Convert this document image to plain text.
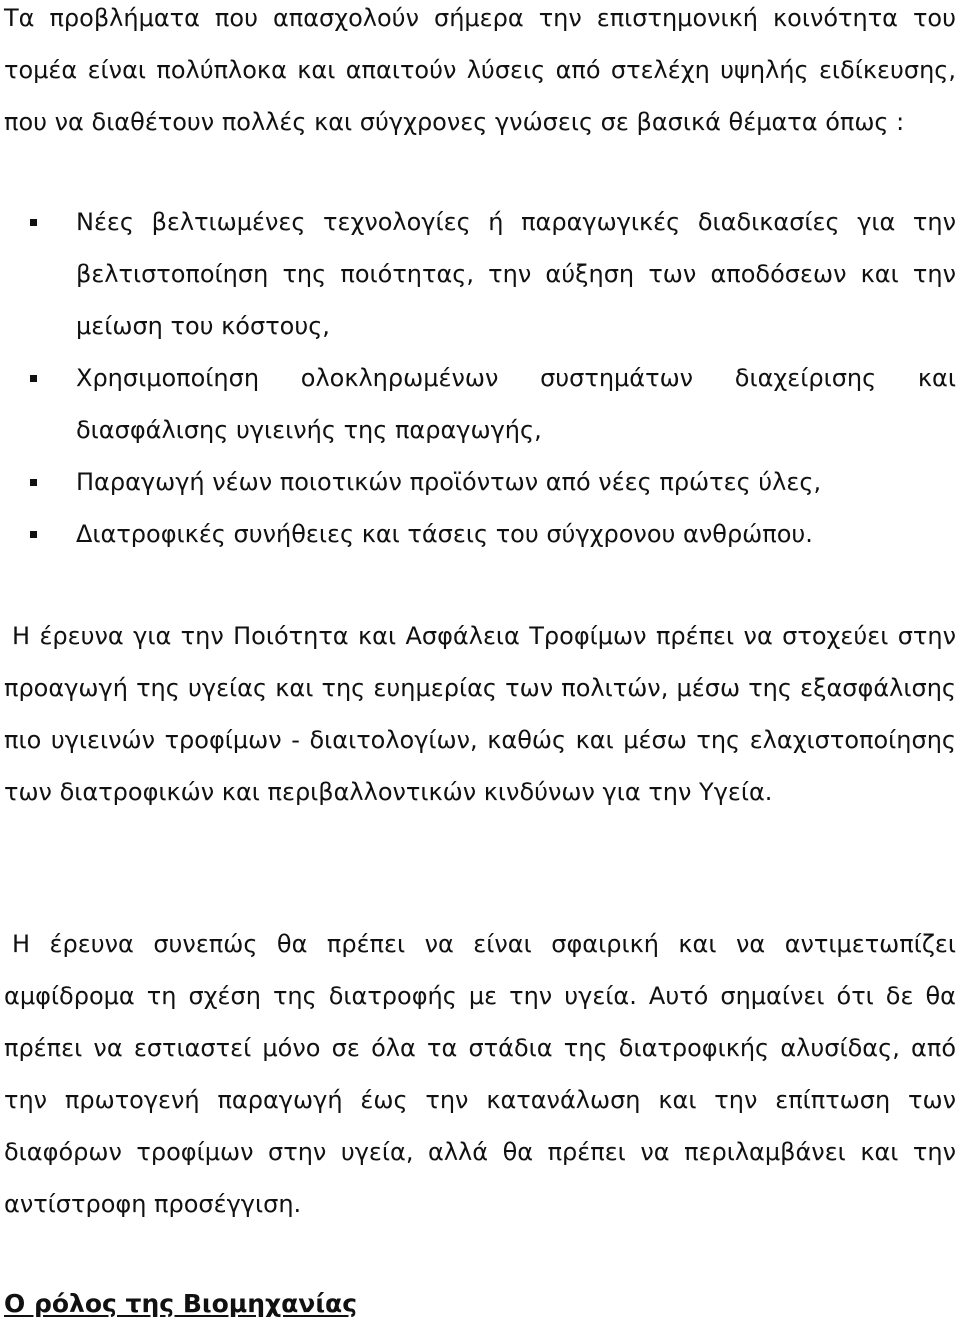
Τα προβλήματα που απασχολούν σήμερα την επιστημονική κοινότητα του τομέα είναι πολύπλοκα και απαιτούν λύσεις από στελέχη υψηλής ειδίκευσης, που να διαθέτουν πολλές και σύγχρονες γνώσεις σε βασικά θέματα όπως :

Νέες βελτιωμένες τεχνολογίες ή παραγωγικές διαδικασίες για την βελτιστοποίηση της ποιότητας, την αύξηση των αποδόσεων και την μείωση του κόστους,
Χρησιμοποίηση ολοκληρωμένων συστημάτων διαχείρισης και διασφάλισης υγιεινής της παραγωγής,
Παραγωγή νέων ποιοτικών προϊόντων από νέες πρώτες ύλες,
Διατροφικές συνήθειες και τάσεις του σύγχρονου ανθρώπου.

Η έρευνα για την Ποιότητα και Ασφάλεια Τροφίμων πρέπει να στοχεύει στην προαγωγή της υγείας και της ευημερίας των πολιτών, μέσω της εξασφάλισης πιο υγιεινών τροφίμων - διαιτολογίων, καθώς και μέσω της ελαχιστοποίησης των διατροφικών και περιβαλλοντικών κινδύνων για την Υγεία.

Η έρευνα συνεπώς θα πρέπει να είναι σφαιρική και να αντιμετωπίζει αμφίδρομα τη σχέση της διατροφής με την υγεία. Αυτό σημαίνει ότι δε θα πρέπει να εστιαστεί μόνο σε όλα τα στάδια της διατροφικής αλυσίδας, από την πρωτογενή παραγωγή έως την κατανάλωση και την επίπτωση των διαφόρων τροφίμων στην υγεία, αλλά θα πρέπει να περιλαμβάνει και την αντίστροφη προσέγγιση.

Ο ρόλος της Βιομηχανίας
